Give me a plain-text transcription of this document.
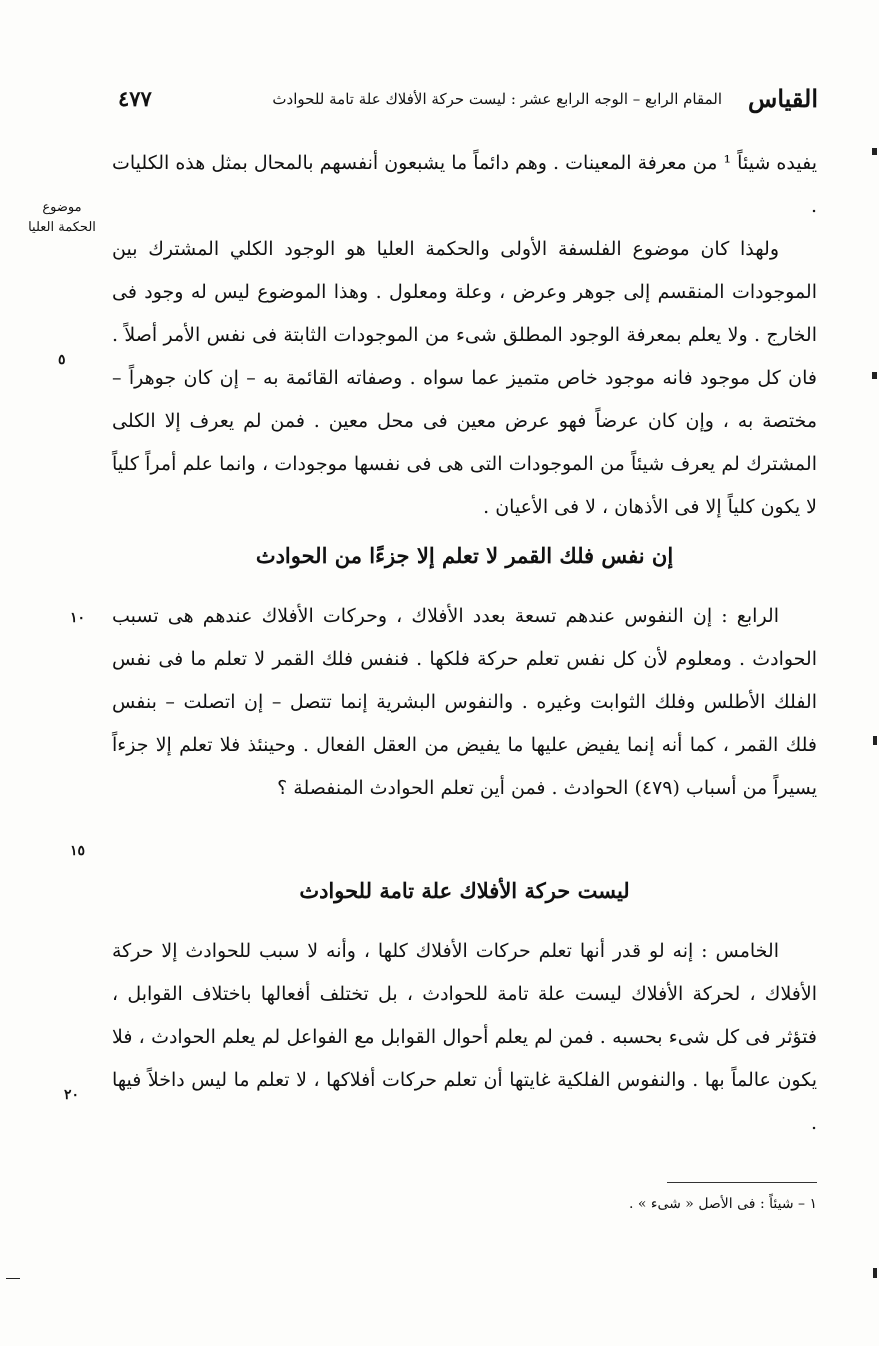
القياس
المقام الرابع – الوجه الرابع عشر : ليست حركة الأفلاك علة تامة للحوادث
٤٧٧
موضوع الحكمة العليا

يفيده شيئاً ¹ من معرفة المعينات . وهم دائماً ما يشبعون أنفسهم بالمحال بمثل هذه الكليات .

ولهذا كان موضوع الفلسفة الأولى والحكمة العليا هو الوجود الكلي المشترك بين الموجودات المنقسم إلى جوهر وعرض ، وعلة ومعلول . وهذا الموضوع ليس له وجود فى الخارج . ولا يعلم بمعرفة الوجود المطلق شىء من الموجودات الثابتة فى نفس الأمر أصلاً . فان كل موجود فانه موجود خاص متميز عما سواه . وصفاته القائمة به – إن كان جوهراً – مختصة به ، وإن كان عرضاً فهو عرض معين فى محل معين . فمن لم يعرف إلا الكلى المشترك لم يعرف شيئاً من الموجودات التى هى فى نفسها موجودات ، وانما علم أمراً كلياً لا يكون كلياً إلا فى الأذهان ، لا فى الأعيان .

إن نفس فلك القمر لا تعلم إلا جزءًا من الحوادث

الرابع : إن النفوس عندهم تسعة بعدد الأفلاك ، وحركات الأفلاك عندهم هى تسبب الحوادث . ومعلوم لأن كل نفس تعلم حركة فلكها . فنفس فلك القمر لا تعلم ما فى نفس الفلك الأطلس وفلك الثوابت وغيره . والنفوس البشرية إنما تتصل – إن اتصلت – بنفس فلك القمر ، كما أنه إنما يفيض عليها ما يفيض من العقل الفعال . وحينئذ فلا تعلم إلا جزءاً يسيراً من أسباب (٤٧٩) الحوادث . فمن أين تعلم الحوادث المنفصلة ؟

ليست حركة الأفلاك علة تامة للحوادث

الخامس : إنه لو قدر أنها تعلم حركات الأفلاك كلها ، وأنه لا سبب للحوادث إلا حركة الأفلاك ، لحركة الأفلاك ليست علة تامة للحوادث ، بل تختلف أفعالها باختلاف القوابل ، فتؤثر فى كل شىء بحسبه . فمن لم يعلم أحوال القوابل مع الفواعل لم يعلم الحوادث ، فلا يكون عالماً بها . والنفوس الفلكية غايتها أن تعلم حركات أفلاكها ، لا تعلم ما ليس داخلاً فيها .

٥
١٠
١٥
٢٠
١ – شيئاً : فى الأصل « شىء » .
